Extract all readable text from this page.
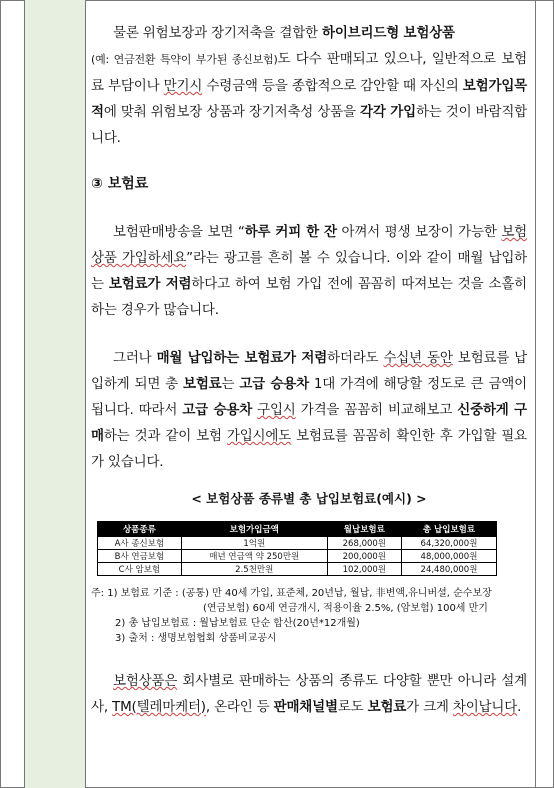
물론 위험보장과 장기저축을 결합한 하이브리드형 보험상품
(예: 연금전환 특약이 부가된 종신보험)도 다수 판매되고 있으나, 일반적으로 보험료 부담이나 만기시 수령금액 등을 종합적으로 감안할 때 자신의 보험가입목적에 맞춰 위험보장 상품과 장기저축성 상품을 각각 가입하는 것이 바람직합니다.

③ 보험료

보험판매방송을 보면 “하루 커피 한 잔 아껴서 평생 보장이 가능한 보험상품 가입하세요”라는 광고를 흔히 볼 수 있습니다. 이와 같이 매월 납입하는 보험료가 저렴하다고 하여 보험 가입 전에 꼼꼼히 따져보는 것을 소홀히 하는 경우가 많습니다.

그러나 매월 납입하는 보험료가 저렴하더라도 수십년 동안 보험료를 납입하게 되면 총 보험료는 고급 승용차 1대 가격에 해당할 정도로 큰 금액이 됩니다. 따라서 고급 승용차 구입시 가격을 꼼꼼히 비교해보고 신중하게 구매하는 것과 같이 보험 가입시에도 보험료를 꼼꼼히 확인한 후 가입할 필요가 있습니다.

< 보험상품 종류별 총 납입보험료(예시) >
상품종류	보험가입금액	월납보험료	총 납입보험료
A사 종신보험	1억원	268,000원	64,320,000원
B사 연금보험	매년 연금액 약 250만원	200,000원	48,000,000원
C사 암보험	2.5천만원	102,000원	24,480,000원
주: 1) 보험료 기준 : (공통) 만 40세 가입, 표준체, 20년납, 월납, 非변액,유니버셜, 순수보장
(연금보험) 60세 연금개시, 적용이율 2.5%, (암보험) 100세 만기
2) 총 납입보험료 : 월납보험료 단순 합산(20년*12개월)
3) 출처 : 생명보험협회 상품비교공시

보험상품은 회사별로 판매하는 상품의 종류도 다양할 뿐만 아니라 설계사, TM(텔레마케터), 온라인 등 판매채널별로도 보험료가 크게 차이납니다.
